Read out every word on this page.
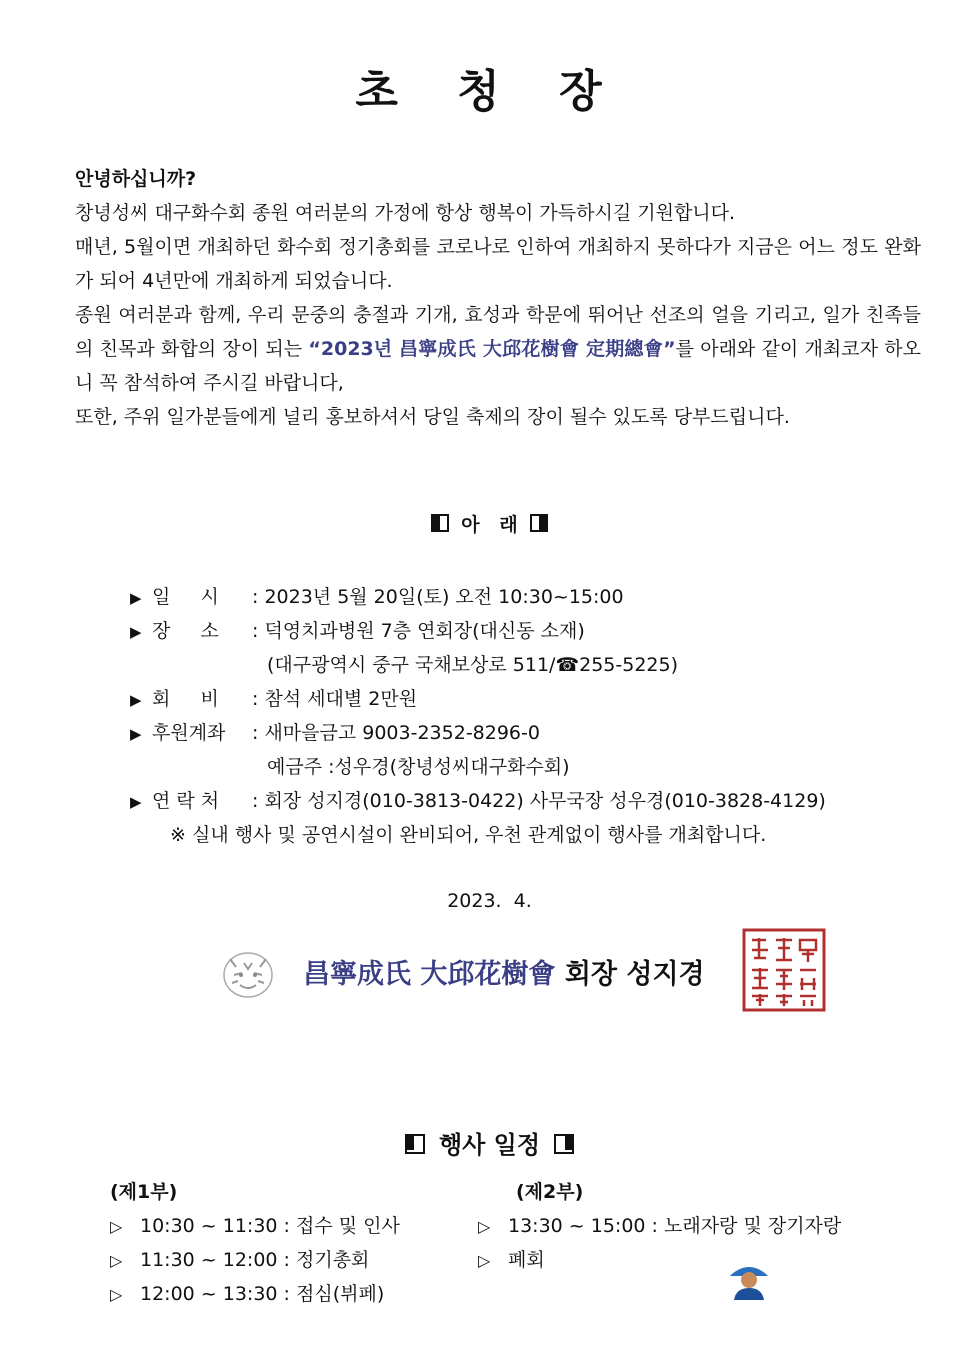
초 청 장
안녕하십니까?
창녕성씨 대구화수회 종원 여러분의 가정에 항상 행복이 가득하시길 기원합니다.
매년, 5월이면 개최하던 화수회 정기총회를 코로나로 인하여 개최하지 못하다가 지금은 어느 정도 완화가 되어 4년만에 개최하게 되었습니다.
종원 여러분과 함께, 우리 문중의 충절과 기개, 효성과 학문에 뛰어난 선조의 얼을 기리고, 일가 친족들의 친목과 화합의 장이 되는 “2023년 昌寧成氏 大邱花樹會 定期總會”를 아래와 같이 개최코자 하오니 꼭 참석하여 주시길 바랍니다,
또한, 주위 일가분들에게 널리 홍보하셔서 당일 축제의 장이 될수 있도록 당부드립니다.
아   래
▶ 일     시 : 2023년 5월 20일(토) 오전 10:30~15:00
▶ 장     소 : 덕영치과병원 7층 연회장(대신동 소재)
(대구광역시 중구 국채보상로 511/☎255-5225)
▶ 회     비 : 참석 세대별 2만원
▶ 후원계좌 : 새마을금고 9003-2352-8296-0
예금주 :성우경(창녕성씨대구화수회)
▶ 연 락 처 : 회장 성지경(010-3813-0422) 사무국장 성우경(010-3828-4129)
※ 실내 행사 및 공연시설이 완비되어, 우천 관계없이 행사를 개최합니다.
2023.  4.
昌寧成氏 大邱花樹會 회장 성지경
행사 일정
(제1부)
▷ 10:30 ~ 11:30 : 접수 및 인사
▷ 11:30 ~ 12:00 : 정기총회
▷ 12:00 ~ 13:30 : 점심(뷔페)
(제2부)
▷ 13:30 ~ 15:00 : 노래자랑 및 장기자랑
▷ 폐회
